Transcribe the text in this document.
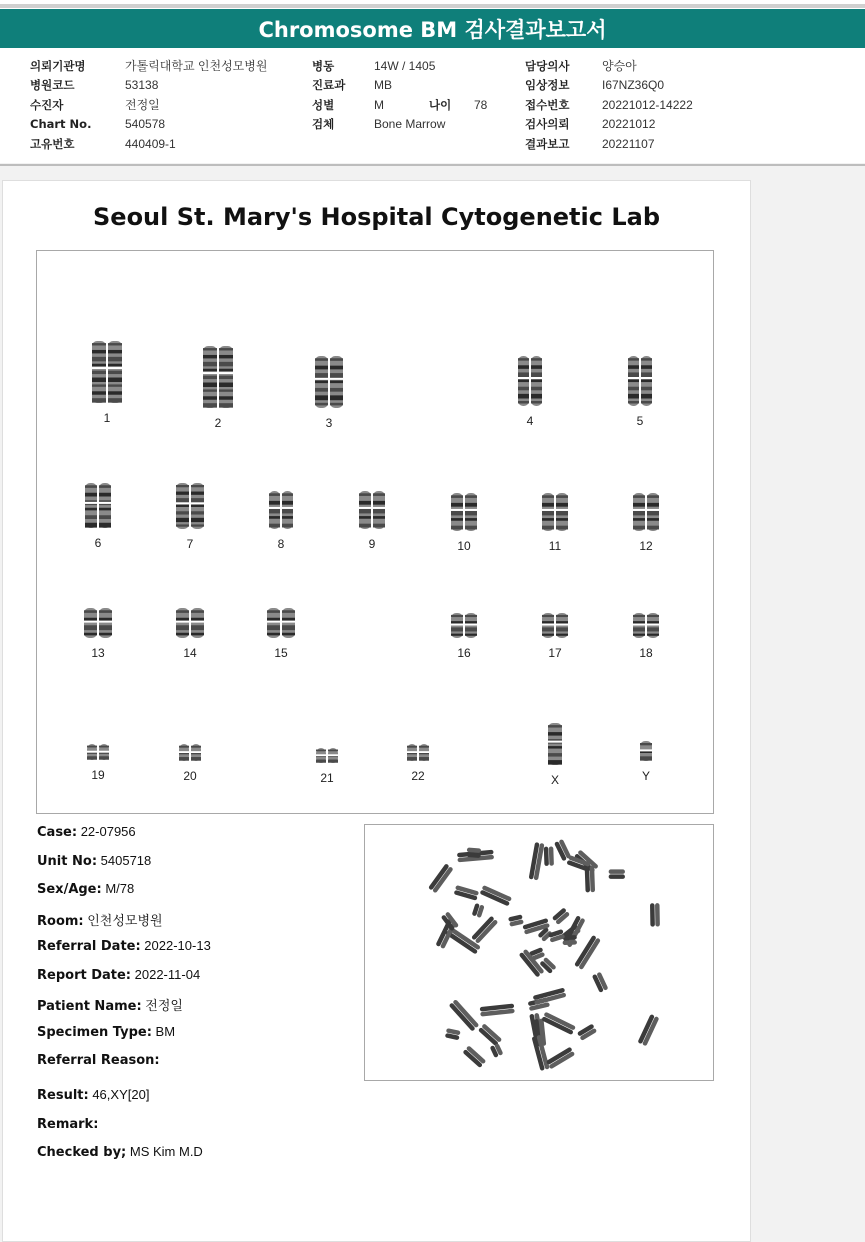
Chromosome BM 검사결과보고서
의뢰기관명	가톨릭대학교 인천성모병원
병원코드	53138
수진자	전정일
Chart No.	540578
고유번호	440409-1
병동	14W / 1405
진료과	MB
성별	M	나이	78
검체	Bone Marrow
담당의사	양승아
임상정보	I67NZ36Q0
접수번호	20221012-14222
검사의뢰	20221012
결과보고	20221107
Seoul St. Mary's Hospital Cytogenetic Lab
1	2	3	4	5
6	7	8	9	10	11	12
13	14	15	16	17	18
19	20	21	22	X	Y
Case: 22-07956
Unit No: 5405718
Sex/Age: M/78
Room: 인천성모병원
Referral Date: 2022-10-13
Report Date: 2022-11-04
Patient Name: 전정일
Specimen Type: BM
Referral Reason:
Result: 46,XY[20]
Remark:
Checked by; MS Kim M.D
